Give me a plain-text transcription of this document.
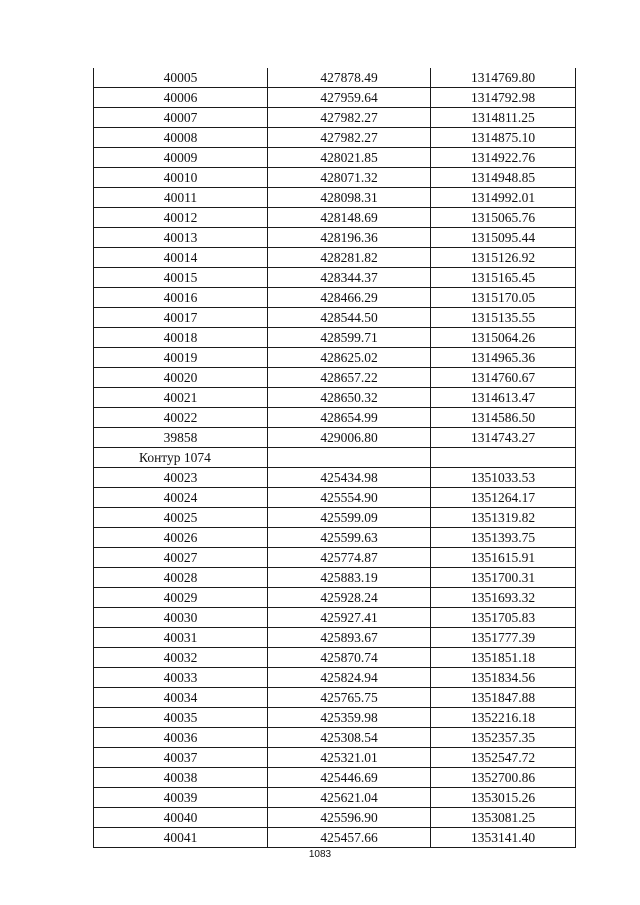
40005	427878.49	1314769.80
40006	427959.64	1314792.98
40007	427982.27	1314811.25
40008	427982.27	1314875.10
40009	428021.85	1314922.76
40010	428071.32	1314948.85
40011	428098.31	1314992.01
40012	428148.69	1315065.76
40013	428196.36	1315095.44
40014	428281.82	1315126.92
40015	428344.37	1315165.45
40016	428466.29	1315170.05
40017	428544.50	1315135.55
40018	428599.71	1315064.26
40019	428625.02	1314965.36
40020	428657.22	1314760.67
40021	428650.32	1314613.47
40022	428654.99	1314586.50
39858	429006.80	1314743.27
Контур 1074		
40023	425434.98	1351033.53
40024	425554.90	1351264.17
40025	425599.09	1351319.82
40026	425599.63	1351393.75
40027	425774.87	1351615.91
40028	425883.19	1351700.31
40029	425928.24	1351693.32
40030	425927.41	1351705.83
40031	425893.67	1351777.39
40032	425870.74	1351851.18
40033	425824.94	1351834.56
40034	425765.75	1351847.88
40035	425359.98	1352216.18
40036	425308.54	1352357.35
40037	425321.01	1352547.72
40038	425446.69	1352700.86
40039	425621.04	1353015.26
40040	425596.90	1353081.25
40041	425457.66	1353141.40
1083
